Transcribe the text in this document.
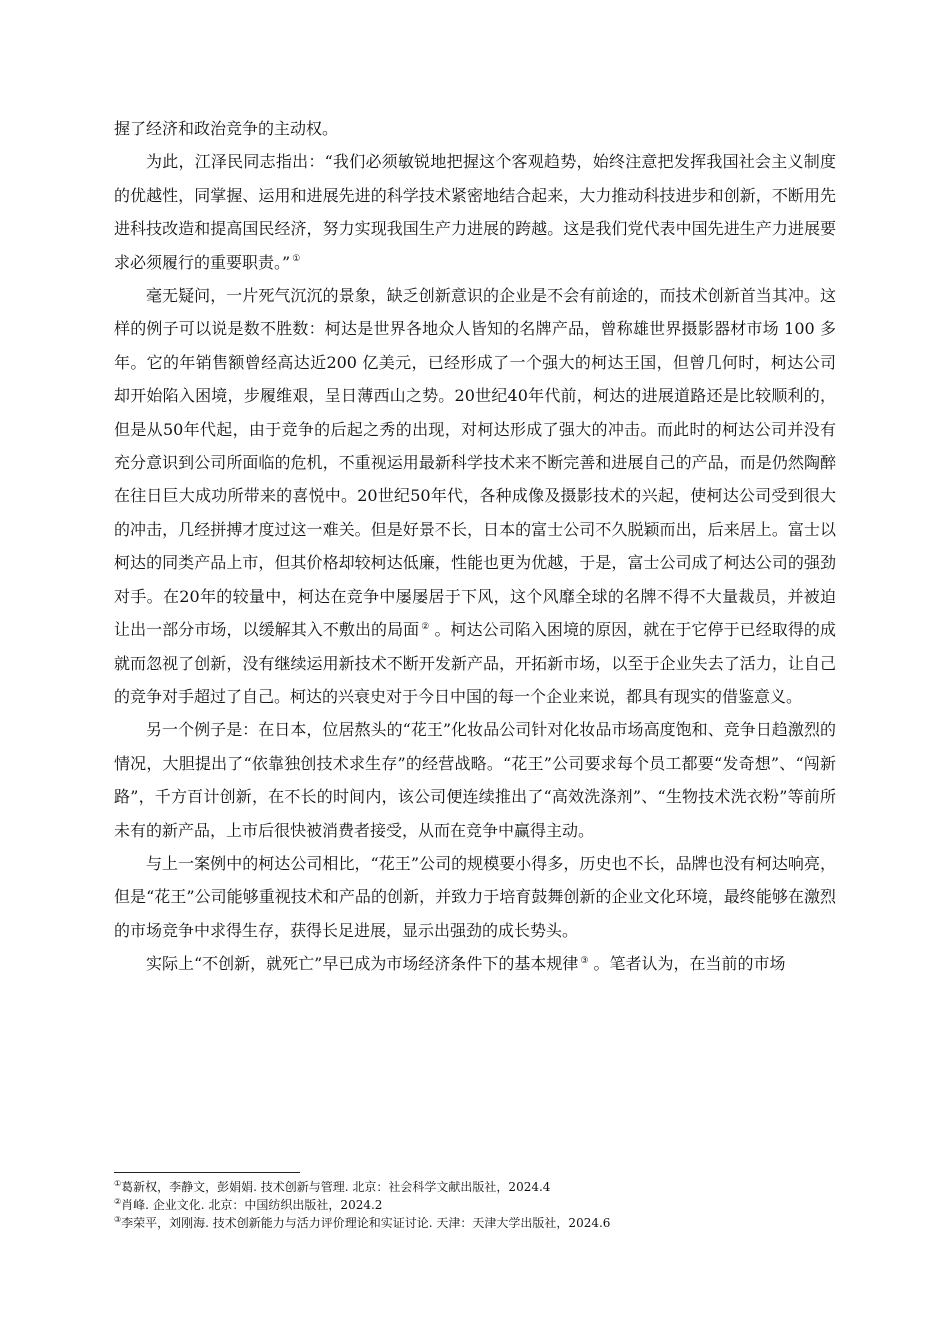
握了经济和政治竞争的主动权。

为此，江泽民同志指出：“我们必须敏锐地把握这个客观趋势，始终注意把发挥我国社会主义制度的优越性，同掌握、运用和进展先进的科学技术紧密地结合起来，大力推动科技进步和创新，不断用先进科技改造和提高国民经济，努力实现我国生产力进展的跨越。这是我们党代表中国先进生产力进展要求必须履行的重要职责。” ①

毫无疑问，一片死气沉沉的景象，缺乏创新意识的企业是不会有前途的，而技术创新首当其冲。这样的例子可以说是数不胜数：柯达是世界各地众人皆知的名牌产品，曾称雄世界摄影器材市场 100 多年。它的年销售额曾经高达近200 亿美元，已经形成了一个强大的柯达王国，但曾几何时，柯达公司却开始陷入困境，步履维艰，呈日薄西山之势。20世纪40年代前，柯达的进展道路还是比较顺利的，但是从50年代起，由于竞争的后起之秀的出现，对柯达形成了强大的冲击。而此时的柯达公司并没有充分意识到公司所面临的危机，不重视运用最新科学技术来不断完善和进展自己的产品，而是仍然陶醉在往日巨大成功所带来的喜悦中。20世纪50年代，各种成像及摄影技术的兴起，使柯达公司受到很大的冲击，几经拼搏才度过这一难关。但是好景不长，日本的富士公司不久脱颖而出，后来居上。富士以柯达的同类产品上市，但其价格却较柯达低廉，性能也更为优越，于是，富士公司成了柯达公司的强劲对手。在20年的较量中，柯达在竞争中屡屡居于下风，这个风靡全球的名牌不得不大量裁员，并被迫让出一部分市场，以缓解其入不敷出的局面 ② 。柯达公司陷入困境的原因，就在于它停于已经取得的成就而忽视了创新，没有继续运用新技术不断开发新产品，开拓新市场，以至于企业失去了活力，让自己的竞争对手超过了自己。柯达的兴衰史对于今日中国的每一个企业来说，都具有现实的借鉴意义。

另一个例子是：在日本，位居熬头的“花王”化妆品公司针对化妆品市场高度饱和、竞争日趋激烈的情况，大胆提出了“依靠独创技术求生存”的经营战略。“花王”公司要求每个员工都要“发奇想”、“闯新路”，千方百计创新，在不长的时间内，该公司便连续推出了“高效洗涤剂”、“生物技术洗衣粉”等前所未有的新产品，上市后很快被消费者接受，从而在竞争中赢得主动。

与上一案例中的柯达公司相比，“花王”公司的规模要小得多，历史也不长，品牌也没有柯达响亮，但是“花王”公司能够重视技术和产品的创新，并致力于培育鼓舞创新的企业文化环境，最终能够在激烈的市场竞争中求得生存，获得长足进展，显示出强劲的成长势头。

实际上“不创新，就死亡”早已成为市场经济条件下的基本规律 ③ 。笔者认为，在当前的市场

①葛新权，李静文，彭娟娟. 技术创新与管理. 北京：社会科学文献出版社，2024.4
②肖峰. 企业文化. 北京：中国纺织出版社，2024.2
③李荣平，刘刚海. 技术创新能力与活力评价理论和实证讨论. 天津：天津大学出版社，2024.6
